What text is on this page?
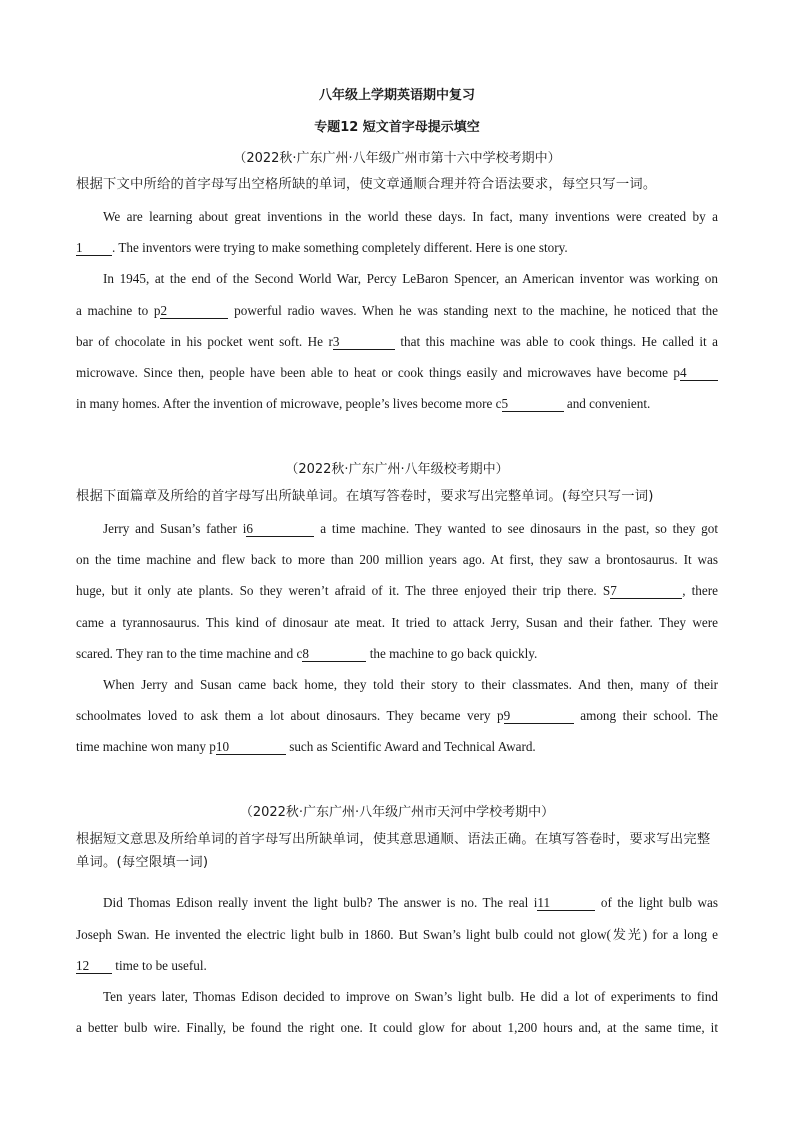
八年级上学期英语期中复习
专题12 短文首字母提示填空
（2022秋·广东广州·八年级广州市第十六中学校考期中）
根据下文中所给的首字母写出空格所缺的单词，使文章通顺合理并符合语法要求，每空只写一词。
We are learning about great inventions in the world these days. In fact, many inventions were created by a
1 . The inventors were trying to make something completely different. Here is one story.
In 1945, at the end of the Second World War, Percy LeBaron Spencer, an American inventor was working on
a machine to p2	powerful radio waves. When he was standing next to the machine, he noticed that the
bar of chocolate in his pocket went soft. He r3	that this machine was able to cook things. He called it a
microwave. Since then, people have been able to heat or cook things easily and microwaves have become p4
in many homes. After the invention of microwave, people’s lives become more c5	and convenient.
（2022秋·广东广州·八年级校考期中）
根据下面篇章及所给的首字母写出所缺单词。在填写答卷时，要求写出完整单词。(每空只写一词)
Jerry and Susan’s father i6	a time machine. They wanted to see dinosaurs in the past, so they got
on the time machine and flew back to more than 200 million years ago. At first, they saw a brontosaurus. It was
huge, but it only ate plants. So they weren’t afraid of it. The three enjoyed their trip there. S7	, there
came a tyrannosaurus. This kind of dinosaur ate meat. It tried to attack Jerry, Susan and their father. They were
scared. They ran to the time machine and c8	the machine to go back quickly.
When Jerry and Susan came back home, they told their story to their classmates. And then, many of their
schoolmates loved to ask them a lot about dinosaurs. They became very p9	among their school. The
time machine won many p10	such as Scientific Award and Technical Award.
（2022秋·广东广州·八年级广州市天河中学校考期中）
根据短文意思及所给单词的首字母写出所缺单词，使其意思通顺、语法正确。在填写答卷时，要求写出完整单词。(每空限填一词)
Did Thomas Edison really invent the light bulb? The answer is no. The real i11	of the light bulb was
Joseph Swan. He invented the electric light bulb in 1860. But Swan’s light bulb could not glow(发光) for a long e
12 time to be useful.
Ten years later, Thomas Edison decided to improve on Swan’s light bulb. He did a lot of experiments to find
a better bulb wire. Finally, be found the right one. It could glow for about 1,200 hours and, at the same time, it
